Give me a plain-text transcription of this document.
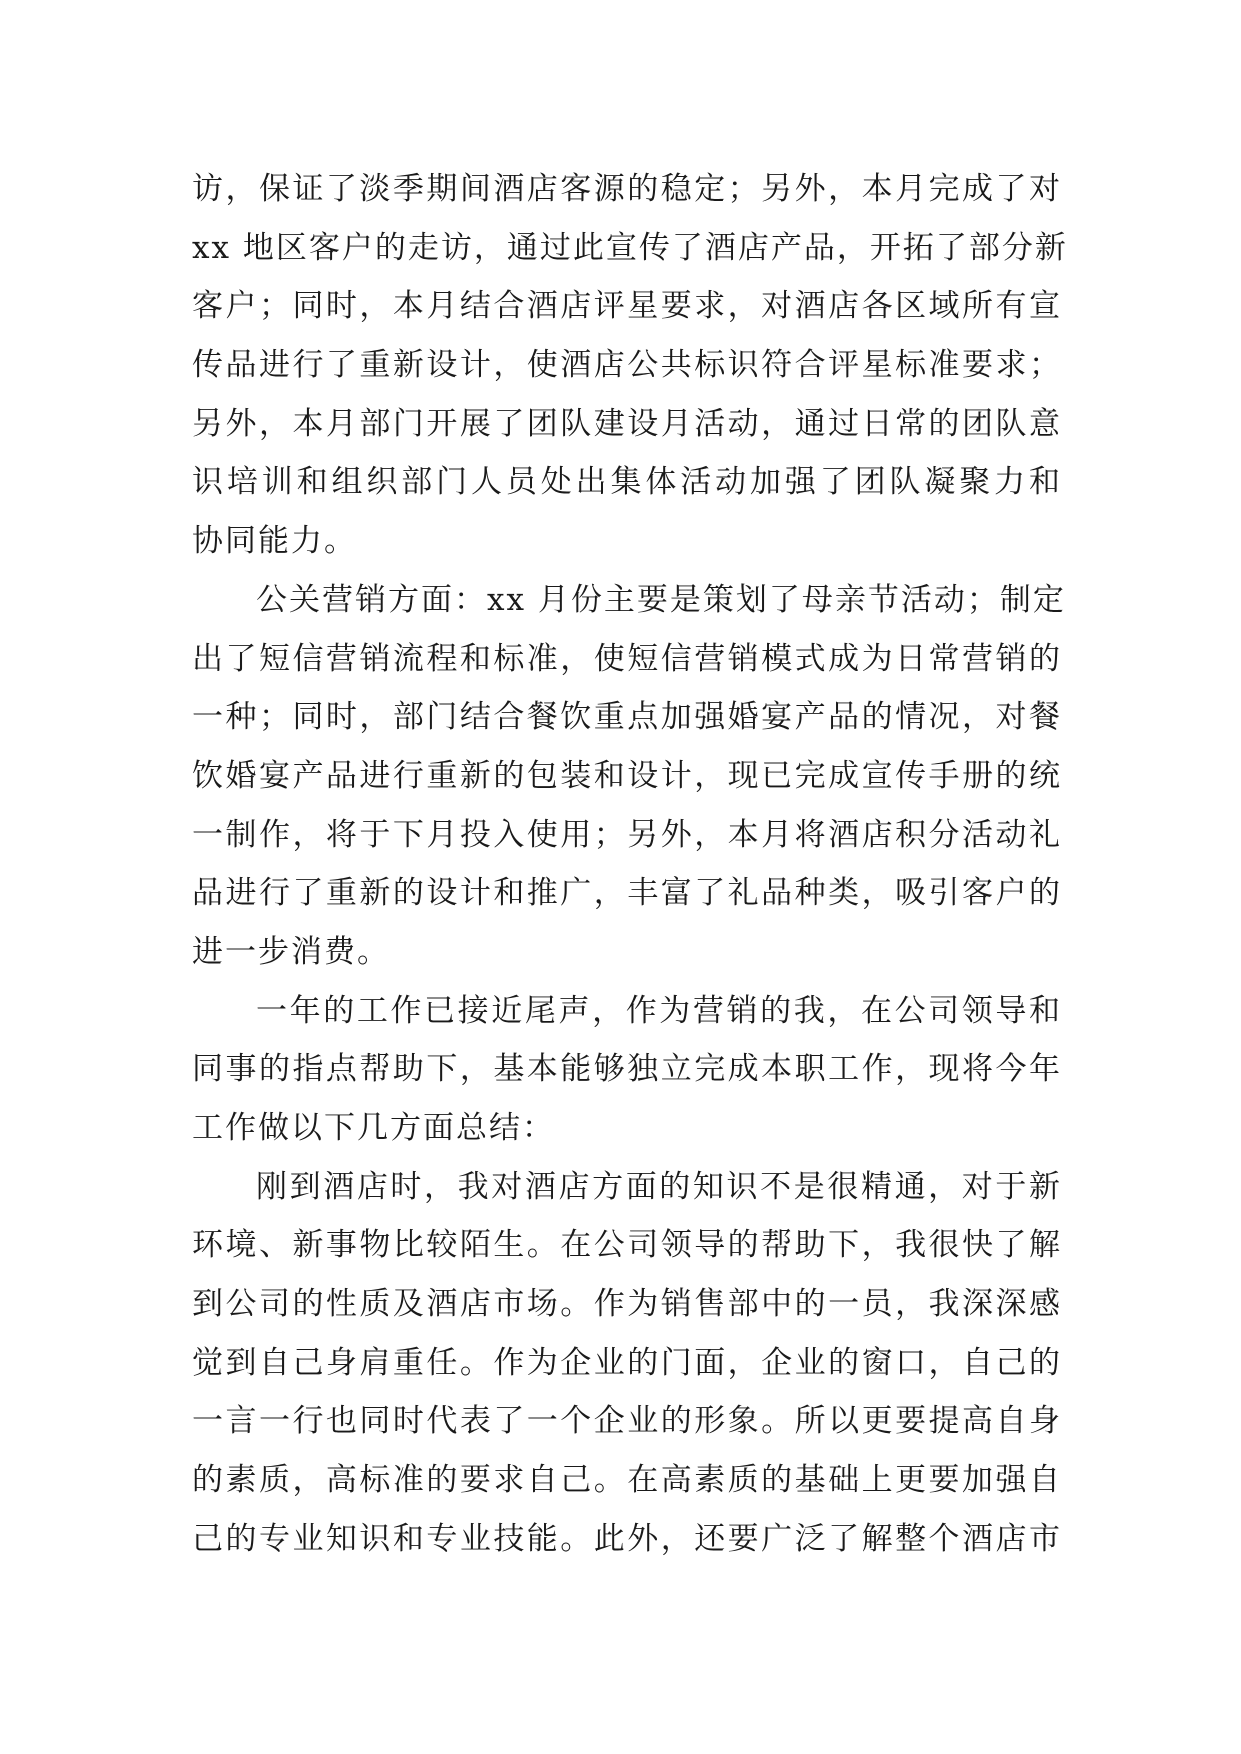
访，保证了淡季期间酒店客源的稳定；另外，本月完成了对
xx 地区客户的走访，通过此宣传了酒店产品，开拓了部分新
客户；同时，本月结合酒店评星要求，对酒店各区域所有宣
传品进行了重新设计，使酒店公共标识符合评星标准要求；
另外，本月部门开展了团队建设月活动，通过日常的团队意
识培训和组织部门人员处出集体活动加强了团队凝聚力和
协同能力。
公关营销方面：xx 月份主要是策划了母亲节活动；制定
出了短信营销流程和标准，使短信营销模式成为日常营销的
一种；同时，部门结合餐饮重点加强婚宴产品的情况，对餐
饮婚宴产品进行重新的包装和设计，现已完成宣传手册的统
一制作，将于下月投入使用；另外，本月将酒店积分活动礼
品进行了重新的设计和推广，丰富了礼品种类，吸引客户的
进一步消费。
一年的工作已接近尾声，作为营销的我，在公司领导和
同事的指点帮助下，基本能够独立完成本职工作，现将今年
工作做以下几方面总结：
刚到酒店时，我对酒店方面的知识不是很精通，对于新
环境、新事物比较陌生。在公司领导的帮助下，我很快了解
到公司的性质及酒店市场。作为销售部中的一员，我深深感
觉到自己身肩重任。作为企业的门面，企业的窗口，自己的
一言一行也同时代表了一个企业的形象。所以更要提高自身
的素质，高标准的要求自己。在高素质的基础上更要加强自
己的专业知识和专业技能。此外，还要广泛了解整个酒店市
